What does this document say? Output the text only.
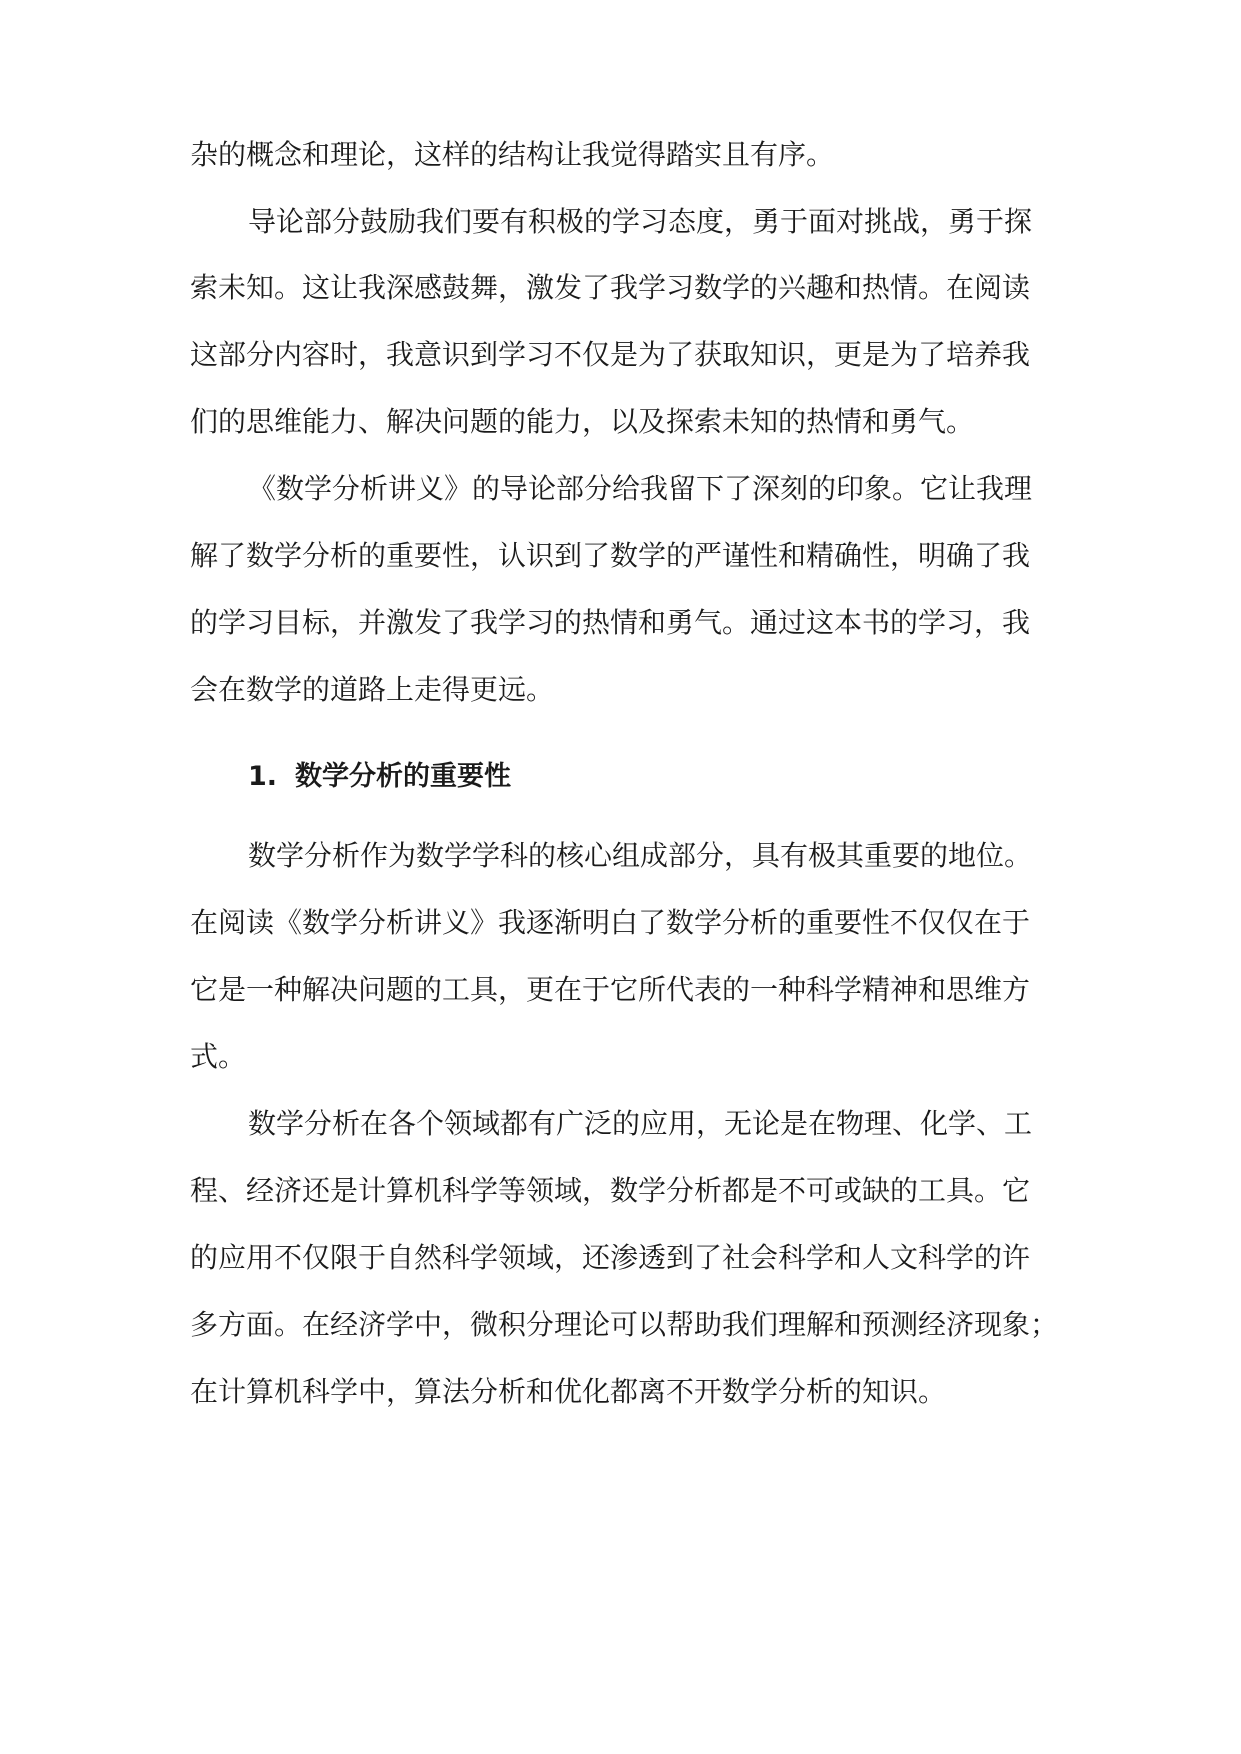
杂的概念和理论，这样的结构让我觉得踏实且有序。
导论部分鼓励我们要有积极的学习态度，勇于面对挑战，勇于探
索未知。这让我深感鼓舞，激发了我学习数学的兴趣和热情。在阅读
这部分内容时，我意识到学习不仅是为了获取知识，更是为了培养我
们的思维能力、解决问题的能力，以及探索未知的热情和勇气。
《数学分析讲义》的导论部分给我留下了深刻的印象。它让我理
解了数学分析的重要性，认识到了数学的严谨性和精确性，明确了我
的学习目标，并激发了我学习的热情和勇气。通过这本书的学习，我
会在数学的道路上走得更远。
1. 数学分析的重要性
数学分析作为数学学科的核心组成部分，具有极其重要的地位。
在阅读《数学分析讲义》我逐渐明白了数学分析的重要性不仅仅在于
它是一种解决问题的工具，更在于它所代表的一种科学精神和思维方
式。
数学分析在各个领域都有广泛的应用，无论是在物理、化学、工
程、经济还是计算机科学等领域，数学分析都是不可或缺的工具。它
的应用不仅限于自然科学领域，还渗透到了社会科学和人文科学的许
多方面。在经济学中，微积分理论可以帮助我们理解和预测经济现象；
在计算机科学中，算法分析和优化都离不开数学分析的知识。
